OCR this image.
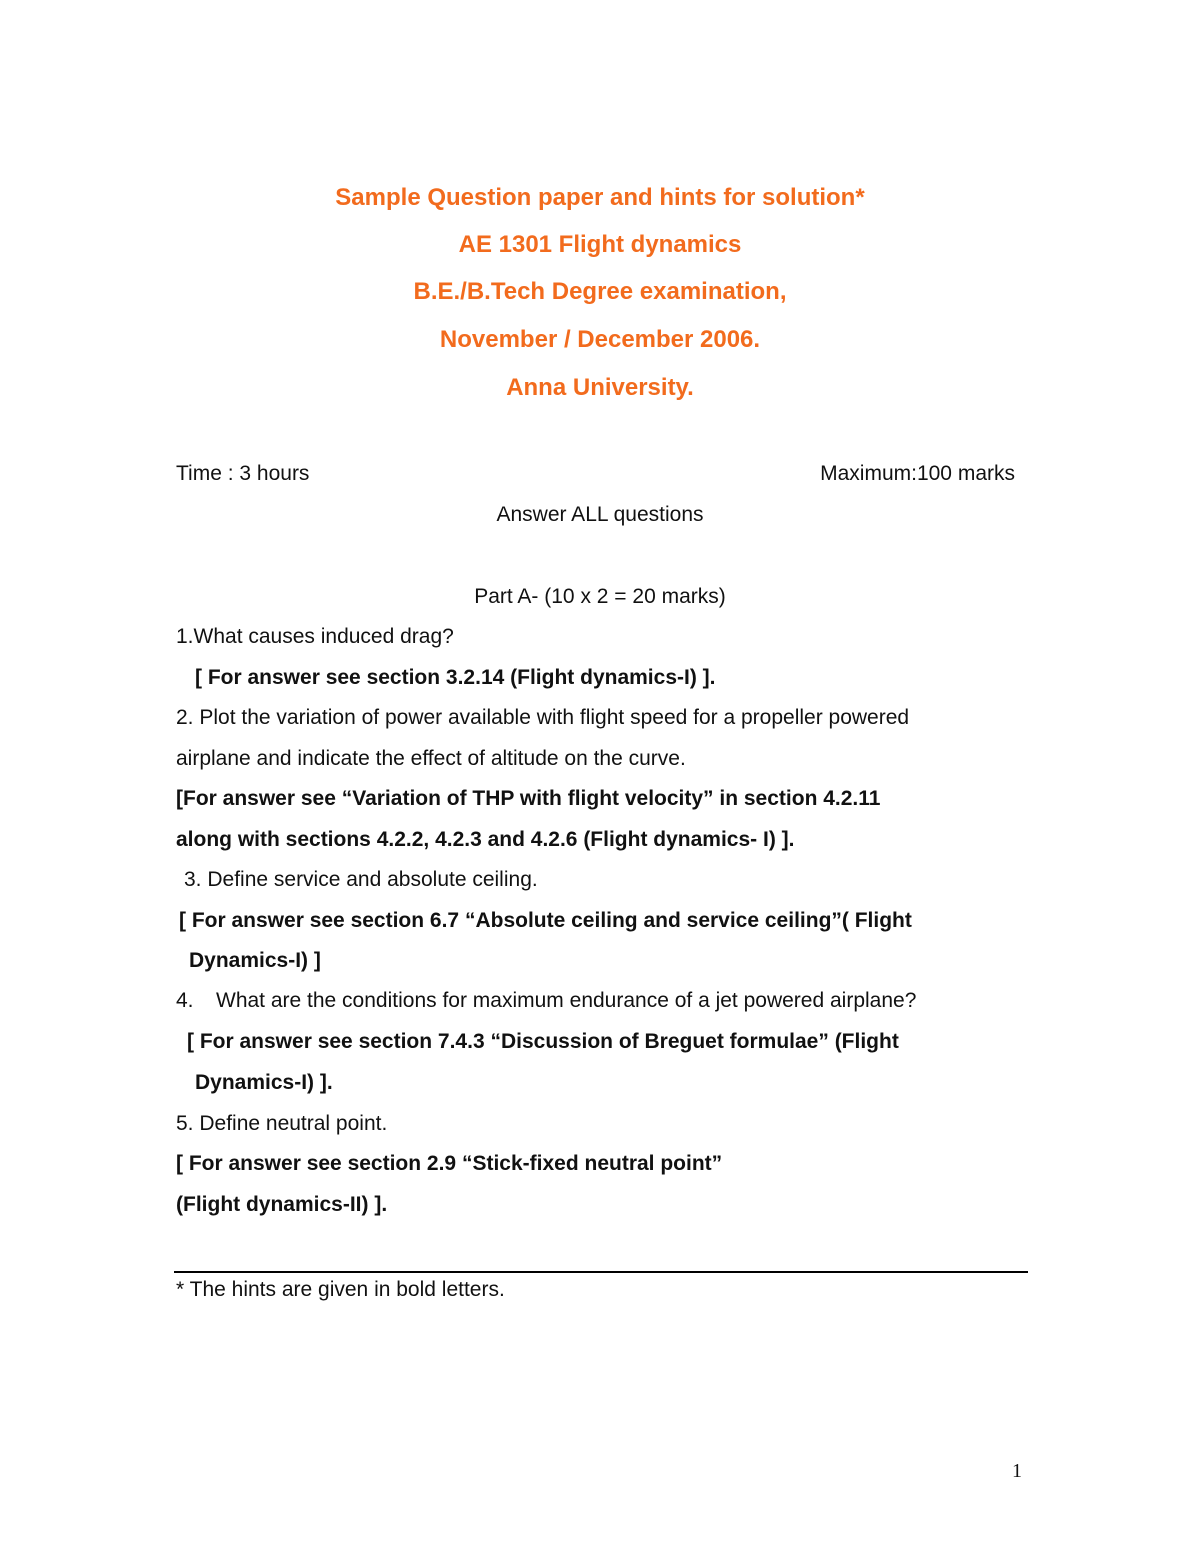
Sample Question paper and hints for solution*
AE 1301 Flight dynamics
B.E./B.Tech Degree examination,
November / December 2006.
Anna University.
Time : 3 hours	Maximum:100 marks
Answer ALL questions
Part A- (10 x 2 = 20 marks)
1.What causes induced drag?
[ For answer see section 3.2.14 (Flight dynamics-I) ].
2. Plot the variation of power available with flight speed for a propeller powered
airplane and indicate the effect of altitude on the curve.
[For answer see “Variation of THP with flight velocity” in section 4.2.11
along with sections 4.2.2, 4.2.3 and 4.2.6 (Flight dynamics- I) ].
3. Define service and absolute ceiling.
[ For answer see section 6.7 “Absolute ceiling and service ceiling”( Flight
Dynamics-I) ]
4. What are the conditions for maximum endurance of a jet powered airplane?
[ For answer see section 7.4.3 “Discussion of Breguet formulae” (Flight
Dynamics-I) ].
5. Define neutral point.
[ For answer see section 2.9 “Stick-fixed neutral point”
(Flight dynamics-II) ].
* The hints are given in bold letters.
1
